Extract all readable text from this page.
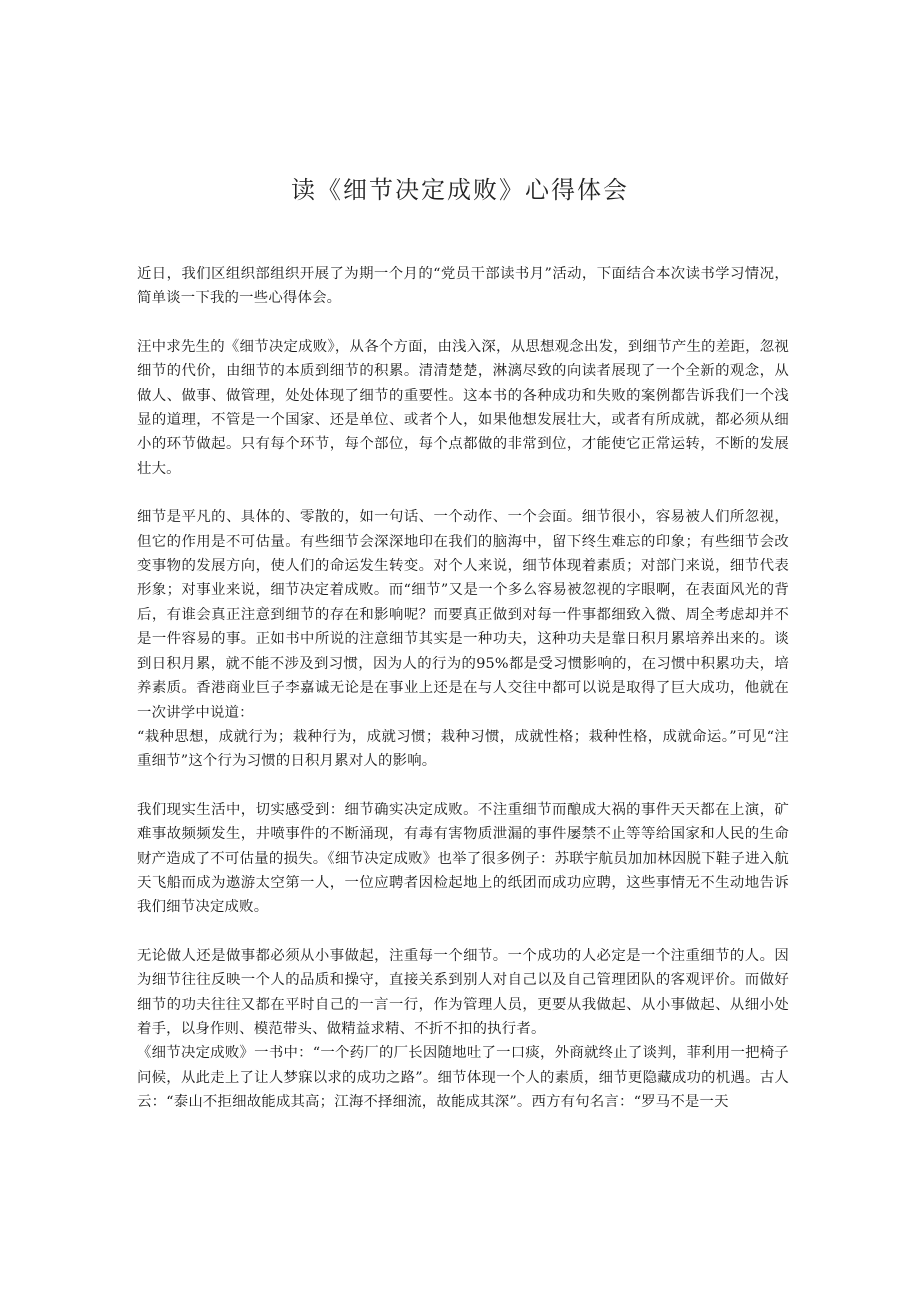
读《细节决定成败》心得体会

近日，我们区组织部组织开展了为期一个月的“党员干部读书月”活动，下面结合本次读书学习情况，简单谈一下我的一些心得体会。

汪中求先生的《细节决定成败》，从各个方面，由浅入深，从思想观念出发，到细节产生的差距，忽视细节的代价，由细节的本质到细节的积累。清清楚楚，淋漓尽致的向读者展现了一个全新的观念，从做人、做事、做管理，处处体现了细节的重要性。这本书的各种成功和失败的案例都告诉我们一个浅显的道理，不管是一个国家、还是单位、或者个人，如果他想发展壮大，或者有所成就，都必须从细小的环节做起。只有每个环节，每个部位，每个点都做的非常到位，才能使它正常运转，不断的发展壮大。

细节是平凡的、具体的、零散的，如一句话、一个动作、一个会面。细节很小，容易被人们所忽视，但它的作用是不可估量。有些细节会深深地印在我们的脑海中，留下终生难忘的印象；有些细节会改变事物的发展方向，使人们的命运发生转变。对个人来说，细节体现着素质；对部门来说，细节代表形象；对事业来说，细节决定着成败。而“细节”又是一个多么容易被忽视的字眼啊，在表面风光的背后，有谁会真正注意到细节的存在和影响呢？而要真正做到对每一件事都细致入微、周全考虑却并不是一件容易的事。正如书中所说的注意细节其实是一种功夫，这种功夫是靠日积月累培养出来的。谈到日积月累，就不能不涉及到习惯，因为人的行为的95%都是受习惯影响的，在习惯中积累功夫，培养素质。香港商业巨子李嘉诚无论是在事业上还是在与人交往中都可以说是取得了巨大成功，他就在一次讲学中说道：

“栽种思想，成就行为；栽种行为，成就习惯；栽种习惯，成就性格；栽种性格，成就命运。”可见“注重细节”这个行为习惯的日积月累对人的影响。

我们现实生活中，切实感受到：细节确实决定成败。不注重细节而酿成大祸的事件天天都在上演，矿难事故频频发生，井喷事件的不断涌现，有毒有害物质泄漏的事件屡禁不止等等给国家和人民的生命财产造成了不可估量的损失。《细节决定成败》也举了很多例子：苏联宇航员加加林因脱下鞋子进入航天飞船而成为遨游太空第一人，一位应聘者因检起地上的纸团而成功应聘，这些事情无不生动地告诉我们细节决定成败。

无论做人还是做事都必须从小事做起，注重每一个细节。一个成功的人必定是一个注重细节的人。因为细节往往反映一个人的品质和操守，直接关系到别人对自己以及自己管理团队的客观评价。而做好细节的功夫往往又都在平时自己的一言一行，作为管理人员，更要从我做起、从小事做起、从细小处着手，以身作则、模范带头、做精益求精、不折不扣的执行者。

《细节决定成败》一书中：“一个药厂的厂长因随地吐了一口痰，外商就终止了谈判，菲利用一把椅子问候，从此走上了让人梦寐以求的成功之路”。细节体现一个人的素质，细节更隐藏成功的机遇。古人云：“泰山不拒细故能成其高；江海不择细流，故能成其深”。西方有句名言：“罗马不是一天
